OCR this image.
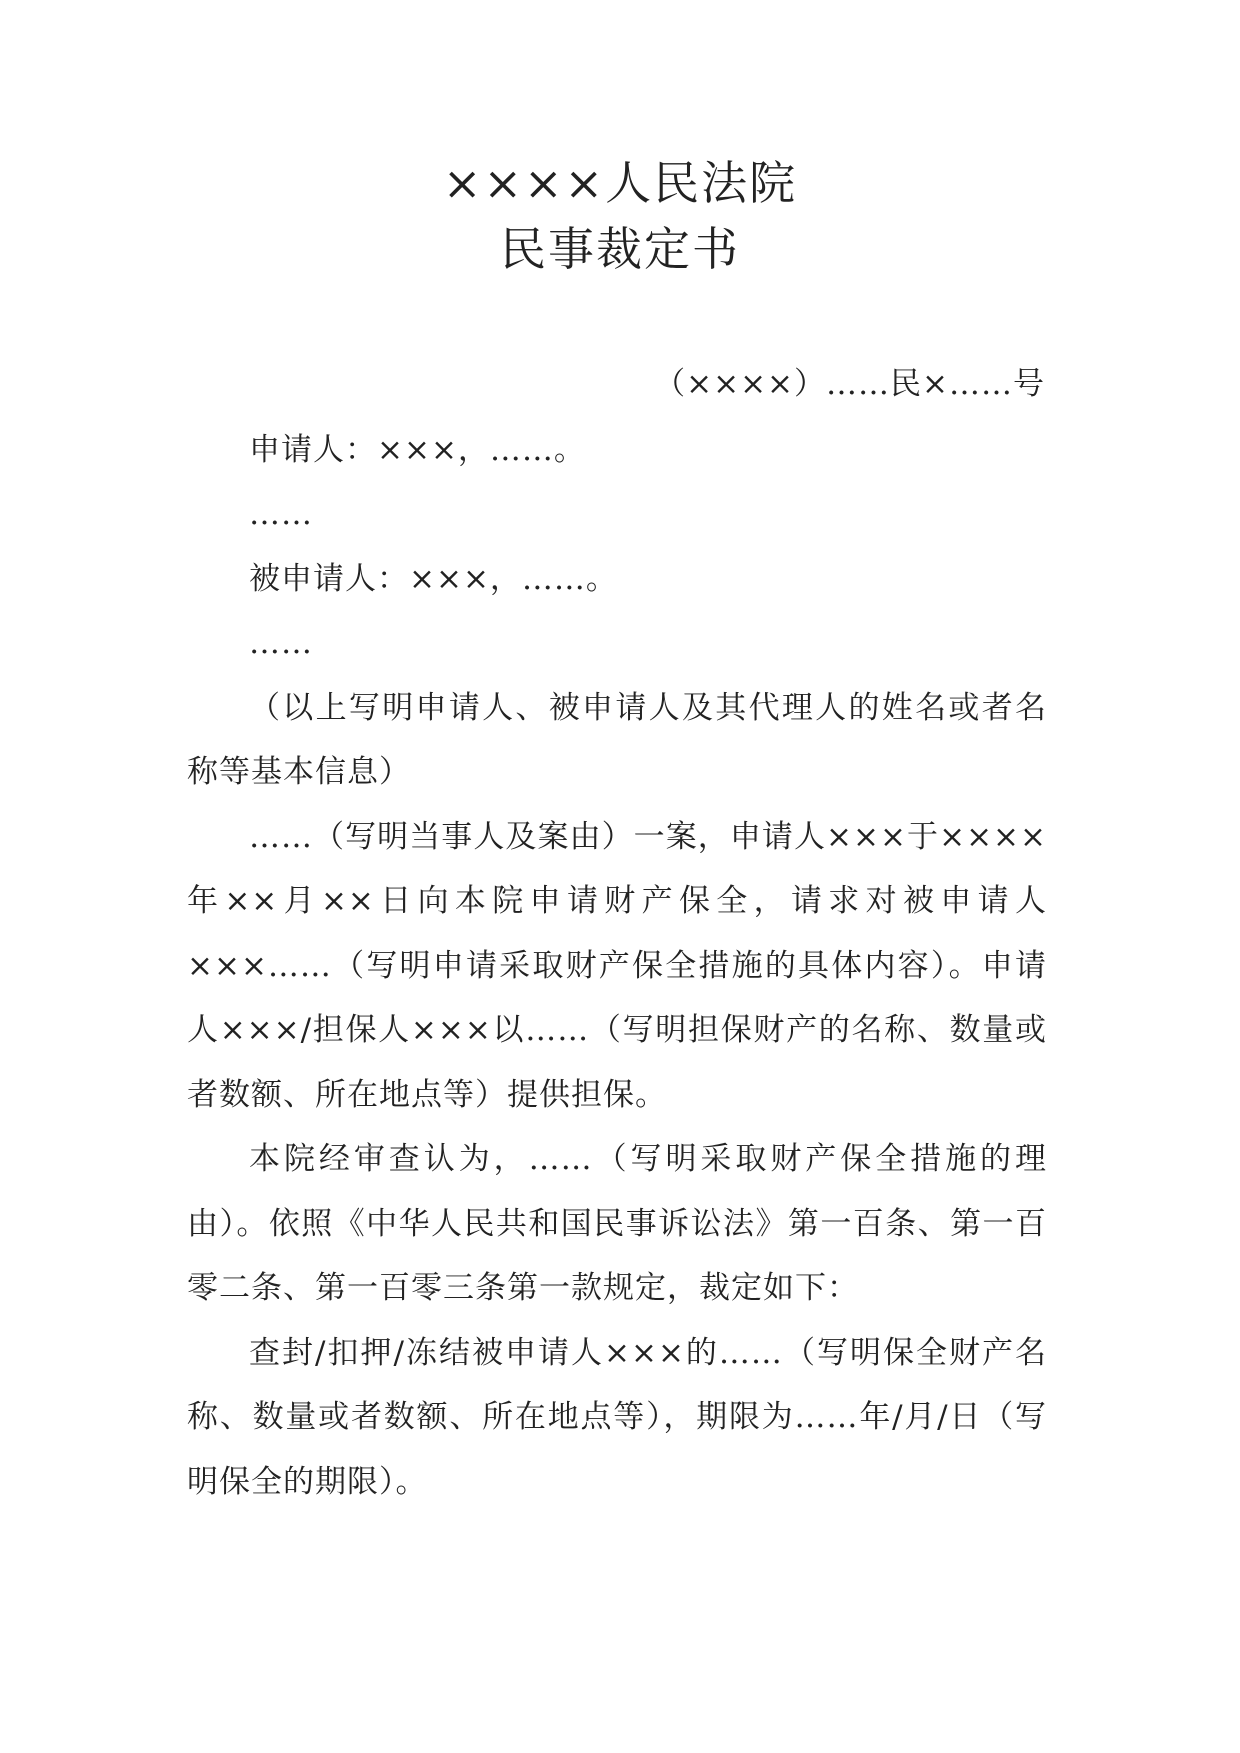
××××人民法院
民事裁定书

（××××）……民×……号

申请人：×××，……。

……

被申请人：×××，……。

……

（以上写明申请人、被申请人及其代理人的姓名或者名称等基本信息）

……（写明当事人及案由）一案，申请人×××于××××年××月××日向本院申请财产保全，请求对被申请人×××……（写明申请采取财产保全措施的具体内容）。申请人×××/担保人×××以……（写明担保财产的名称、数量或者数额、所在地点等）提供担保。

本院经审查认为，……（写明采取财产保全措施的理由）。依照《中华人民共和国民事诉讼法》第一百条、第一百零二条、第一百零三条第一款规定，裁定如下：

查封/扣押/冻结被申请人×××的……（写明保全财产名称、数量或者数额、所在地点等），期限为……年/月/日（写明保全的期限）。
